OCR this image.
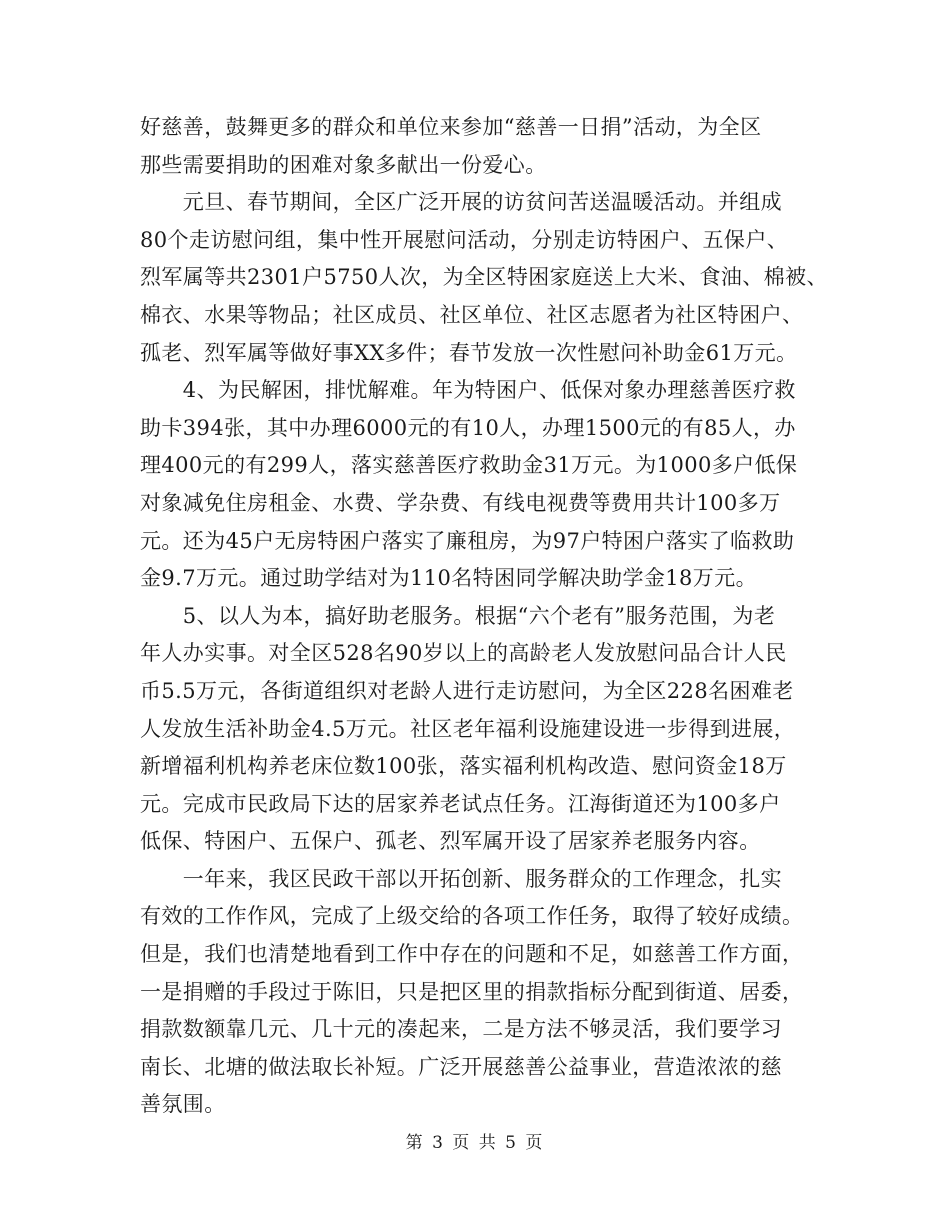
好慈善，鼓舞更多的群众和单位来参加“慈善一日捐”活动，为全区
那些需要捐助的困难对象多献出一份爱心。
　　元旦、春节期间，全区广泛开展的访贫问苦送温暖活动。并组成
80个走访慰问组，集中性开展慰问活动，分别走访特困户、五保户、
烈军属等共2301户5750人次，为全区特困家庭送上大米、食油、棉被、
棉衣、水果等物品；社区成员、社区单位、社区志愿者为社区特困户、
孤老、烈军属等做好事XX多件；春节发放一次性慰问补助金61万元。
　　4、为民解困，排忧解难。年为特困户、低保对象办理慈善医疗救
助卡394张，其中办理6000元的有10人，办理1500元的有85人，办
理400元的有299人，落实慈善医疗救助金31万元。为1000多户低保
对象减免住房租金、水费、学杂费、有线电视费等费用共计100多万
元。还为45户无房特困户落实了廉租房，为97户特困户落实了临救助
金9.7万元。通过助学结对为110名特困同学解决助学金18万元。
　　5、以人为本，搞好助老服务。根据“六个老有”服务范围，为老
年人办实事。对全区528名90岁以上的高龄老人发放慰问品合计人民
币5.5万元，各街道组织对老龄人进行走访慰问，为全区228名困难老
人发放生活补助金4.5万元。社区老年福利设施建设进一步得到进展，
新增福利机构养老床位数100张，落实福利机构改造、慰问资金18万
元。完成市民政局下达的居家养老试点任务。江海街道还为100多户
低保、特困户、五保户、孤老、烈军属开设了居家养老服务内容。
　　一年来，我区民政干部以开拓创新、服务群众的工作理念，扎实
有效的工作作风，完成了上级交给的各项工作任务，取得了较好成绩。
但是，我们也清楚地看到工作中存在的问题和不足，如慈善工作方面，
一是捐赠的手段过于陈旧，只是把区里的捐款指标分配到街道、居委，
捐款数额靠几元、几十元的凑起来，二是方法不够灵活，我们要学习
南长、北塘的做法取长补短。广泛开展慈善公益事业，营造浓浓的慈
善氛围。
第 3 页 共 5 页
